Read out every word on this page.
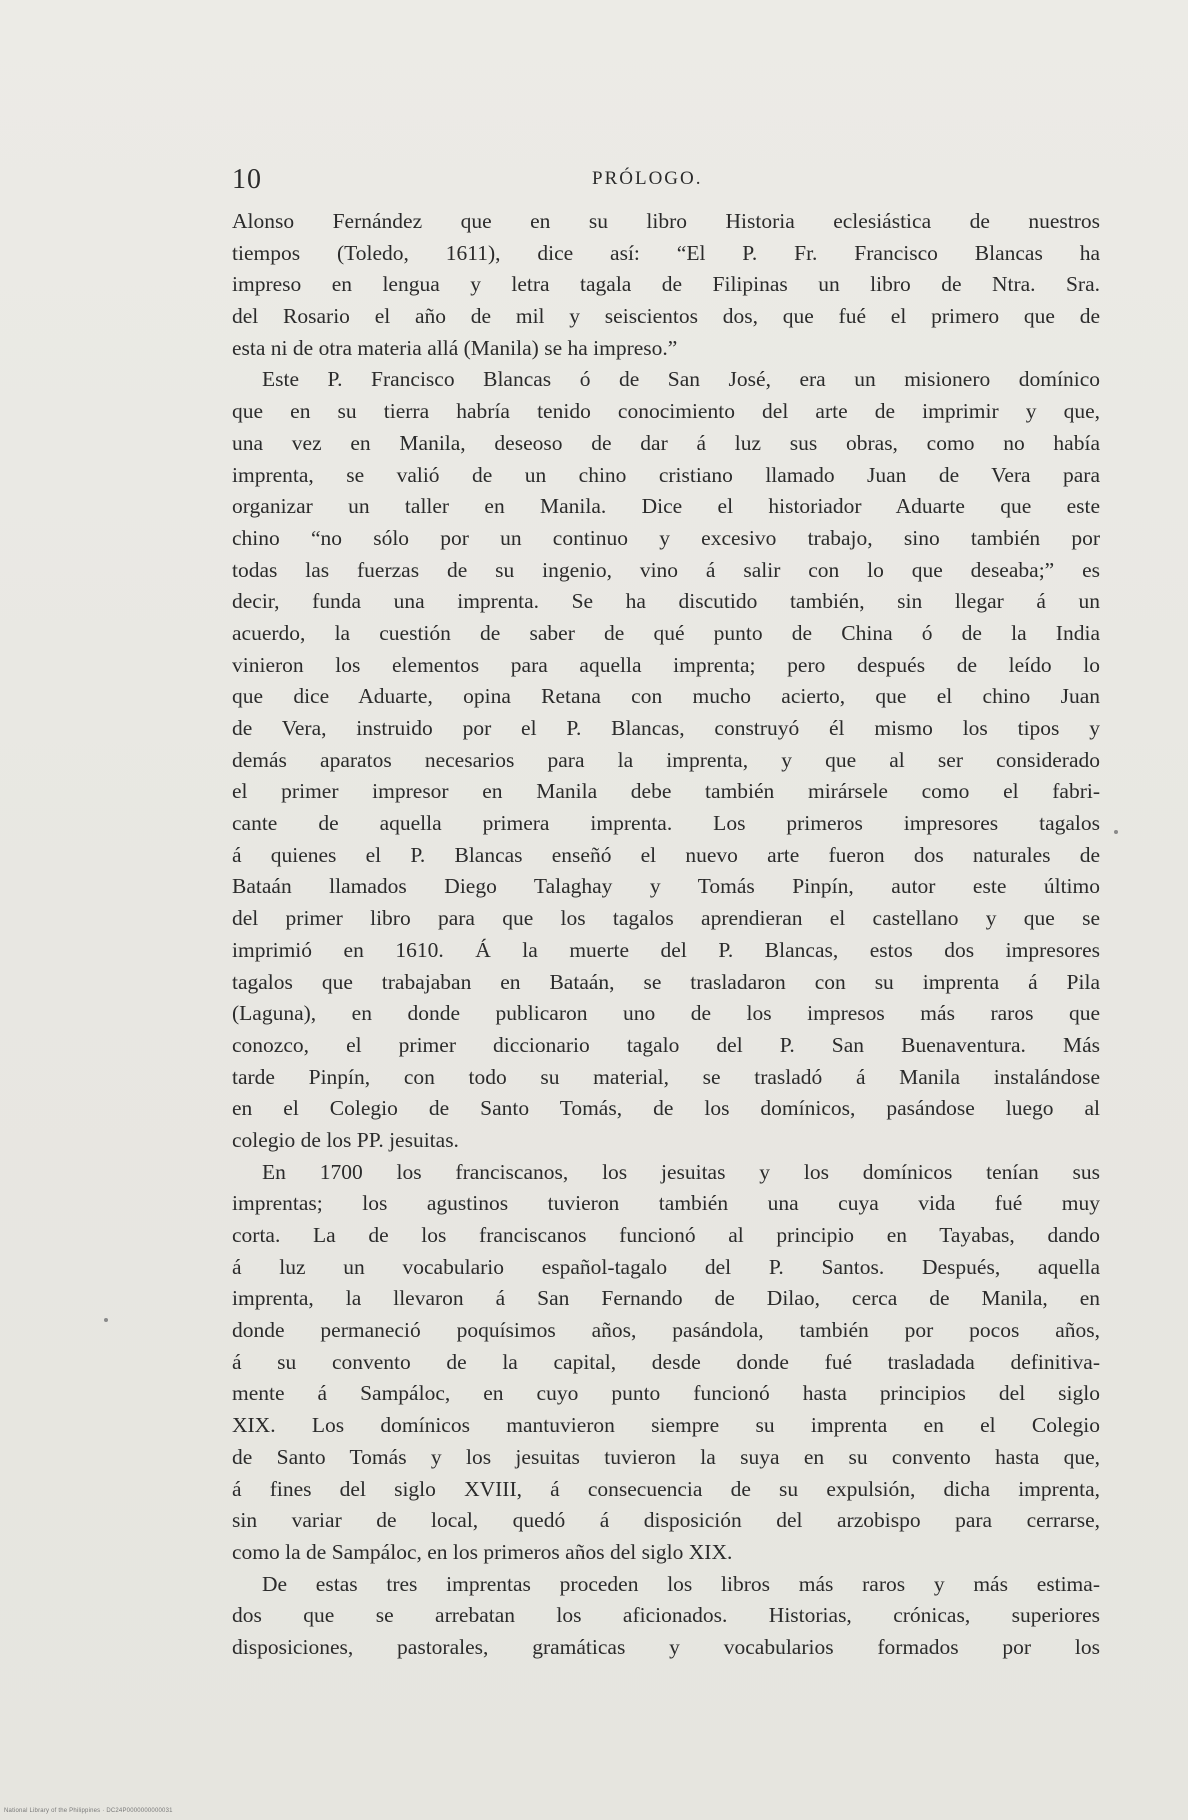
10	PRÓLOGO.
Alonso Fernández que en su libro Historia eclesiástica de nuestros
tiempos (Toledo, 1611), dice así: “El P. Fr. Francisco Blancas ha
impreso en lengua y letra tagala de Filipinas un libro de Ntra. Sra.
del Rosario el año de mil y seiscientos dos, que fué el primero que de
esta ni de otra materia allá (Manila) se ha impreso.”
Este P. Francisco Blancas ó de San José, era un misionero domínico
que en su tierra habría tenido conocimiento del arte de imprimir y que,
una vez en Manila, deseoso de dar á luz sus obras, como no había
imprenta, se valió de un chino cristiano llamado Juan de Vera para
organizar un taller en Manila. Dice el historiador Aduarte que este
chino “no sólo por un continuo y excesivo trabajo, sino también por
todas las fuerzas de su ingenio, vino á salir con lo que deseaba;” es
decir, funda una imprenta. Se ha discutido también, sin llegar á un
acuerdo, la cuestión de saber de qué punto de China ó de la India
vinieron los elementos para aquella imprenta; pero después de leído lo
que dice Aduarte, opina Retana con mucho acierto, que el chino Juan
de Vera, instruido por el P. Blancas, construyó él mismo los tipos y
demás aparatos necesarios para la imprenta, y que al ser considerado
el primer impresor en Manila debe también mirársele como el fabri-
cante de aquella primera imprenta. Los primeros impresores tagalos
á quienes el P. Blancas enseñó el nuevo arte fueron dos naturales de
Bataán llamados Diego Talaghay y Tomás Pinpín, autor este último
del primer libro para que los tagalos aprendieran el castellano y que se
imprimió en 1610. Á la muerte del P. Blancas, estos dos impresores
tagalos que trabajaban en Bataán, se trasladaron con su imprenta á Pila
(Laguna), en donde publicaron uno de los impresos más raros que
conozco, el primer diccionario tagalo del P. San Buenaventura. Más
tarde Pinpín, con todo su material, se trasladó á Manila instalándose
en el Colegio de Santo Tomás, de los domínicos, pasándose luego al
colegio de los PP. jesuitas.
En 1700 los franciscanos, los jesuitas y los domínicos tenían sus
imprentas; los agustinos tuvieron también una cuya vida fué muy
corta. La de los franciscanos funcionó al principio en Tayabas, dando
á luz un vocabulario español-tagalo del P. Santos. Después, aquella
imprenta, la llevaron á San Fernando de Dilao, cerca de Manila, en
donde permaneció poquísimos años, pasándola, también por pocos años,
á su convento de la capital, desde donde fué trasladada definitiva-
mente á Sampáloc, en cuyo punto funcionó hasta principios del siglo
XIX. Los domínicos mantuvieron siempre su imprenta en el Colegio
de Santo Tomás y los jesuitas tuvieron la suya en su convento hasta que,
á fines del siglo XVIII, á consecuencia de su expulsión, dicha imprenta,
sin variar de local, quedó á disposición del arzobispo para cerrarse,
como la de Sampáloc, en los primeros años del siglo XIX.
De estas tres imprentas proceden los libros más raros y más estima-
dos que se arrebatan los aficionados. Historias, crónicas, superiores
disposiciones, pastorales, gramáticas y vocabularios formados por los
National Library of the Philippines · DC24P0000000000031
